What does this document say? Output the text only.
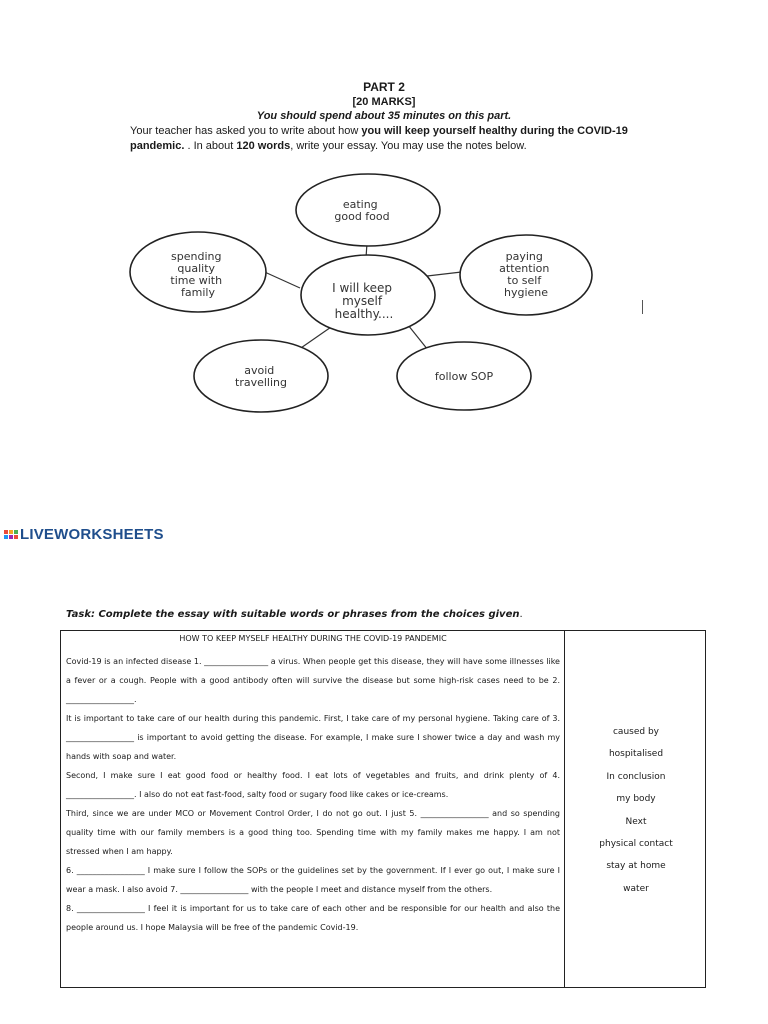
PART 2
[20 MARKS]
You should spend about 35 minutes on this part.
Your teacher has asked you to write about how you will keep yourself healthy during the COVID-19 pandemic. . In about 120 words, write your essay. You may use the notes below.
eating good food
paying attention to self hygiene
follow SOP
avoid travelling
spending quality time with family	I will keep myself healthy....
LIVEWORKSHEETS
Task: Complete the essay with suitable words or phrases from the choices given.
HOW TO KEEP MYSELF HEALTHY DURING THE COVID-19 PANDEMIC

Covid-19 is an infected disease 1. ________________ a virus. When people get this disease, they will have some illnesses like a fever or a cough. People with a good antibody often will survive the disease but some high-risk cases need to be 2. _________________.

It is important to take care of our health during this pandemic. First, I take care of my personal hygiene. Taking care of 3. _________________ is important to avoid getting the disease. For example, I make sure I shower twice a day and wash my hands with soap and water.

Second, I make sure I eat good food or healthy food. I eat lots of vegetables and fruits, and drink plenty of 4. _________________. I also do not eat fast-food, salty food or sugary food like cakes or ice-creams.

Third, since we are under MCO or Movement Control Order, I do not go out. I just 5. _________________ and so spending quality time with our family members is a good thing too. Spending time with my family makes me happy. I am not stressed when I am happy.

6. _________________ I make sure I follow the SOPs or the guidelines set by the government. If I ever go out, I make sure I wear a mask. I also avoid 7. _________________ with the people I meet and distance myself from the others.

8. _________________ I feel it is important for us to take care of each other and be responsible for our health and also the people around us. I hope Malaysia will be free of the pandemic Covid-19.

caused by
hospitalised
In conclusion
my body
Next
physical contact
stay at home
water
